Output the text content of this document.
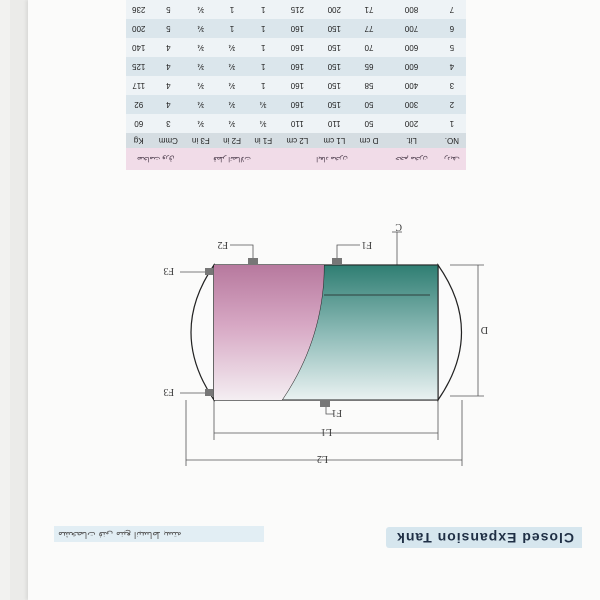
Closed Expansion Tank
مشخصات فنی منبع انبساط بسته
F1
F1
F2
F3
F3
C
D
L1
L2
ردیف	حجم مخزن	ابعاد مخزن			قطر اتصالات			ضخامت ورق	
NO.	Lit.	D cm	L1 cm	L2 cm	F1 in	F2 in	F3 in	Cmm	Kg
1	200	50	110	110	¾	¾	¾	3	60
2	300	50	150	160	¾	¾	¾	4	92
3	400	58	150	160	1	¾	¾	4	117
4	600	65	150	160	1	¾	¾	4	125
5	600	70	150	160	1	¾	¾	4	140
6	700	77	150	160	1	1	¾	5	200
7	800	71	200	215	1	1	¾	5	236
